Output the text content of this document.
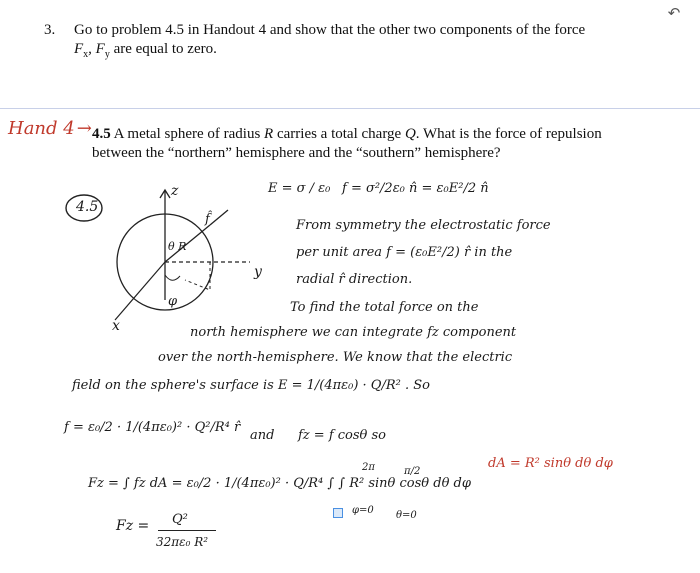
↶
3. Go to problem 4.5 in Handout 4 and show that the other two components of the force
$F_x$, $F_y$ are equal to zero.
Hand 4 → 4.5 A metal sphere of radius R carries a total charge Q. What is the force of repulsion
between the “northern” hemisphere and the “southern” hemisphere?
4.5
z
y
x
φ
θ R
f̂
E = σ / ε₀ f = σ²/2ε₀ n̂ = ε₀E²/2 n̂
From symmetry the electrostatic force
per unit area f = (ε₀E²/2) r̂ in the
radial r̂ direction.
To find the total force on the
north hemisphere we can integrate fz component
over the north-hemisphere. We know that the electric
field on the sphere's surface is E = 1/(4πε₀) · Q/R² . So
f = ε₀/2 · 1/(4πε₀)² · Q²/R⁴ r̂
and fz = f cosθ so
dA = R² sinθ dθ dφ
Fz = ∫ fz dA = ε₀/2 · 1/(4πε₀)² · Q/R⁴ ∫ ∫ R² sinθ cosθ dθ dφ
2π
φ=0
π/2
θ=0
Fz = Q²
32πε₀ R²
